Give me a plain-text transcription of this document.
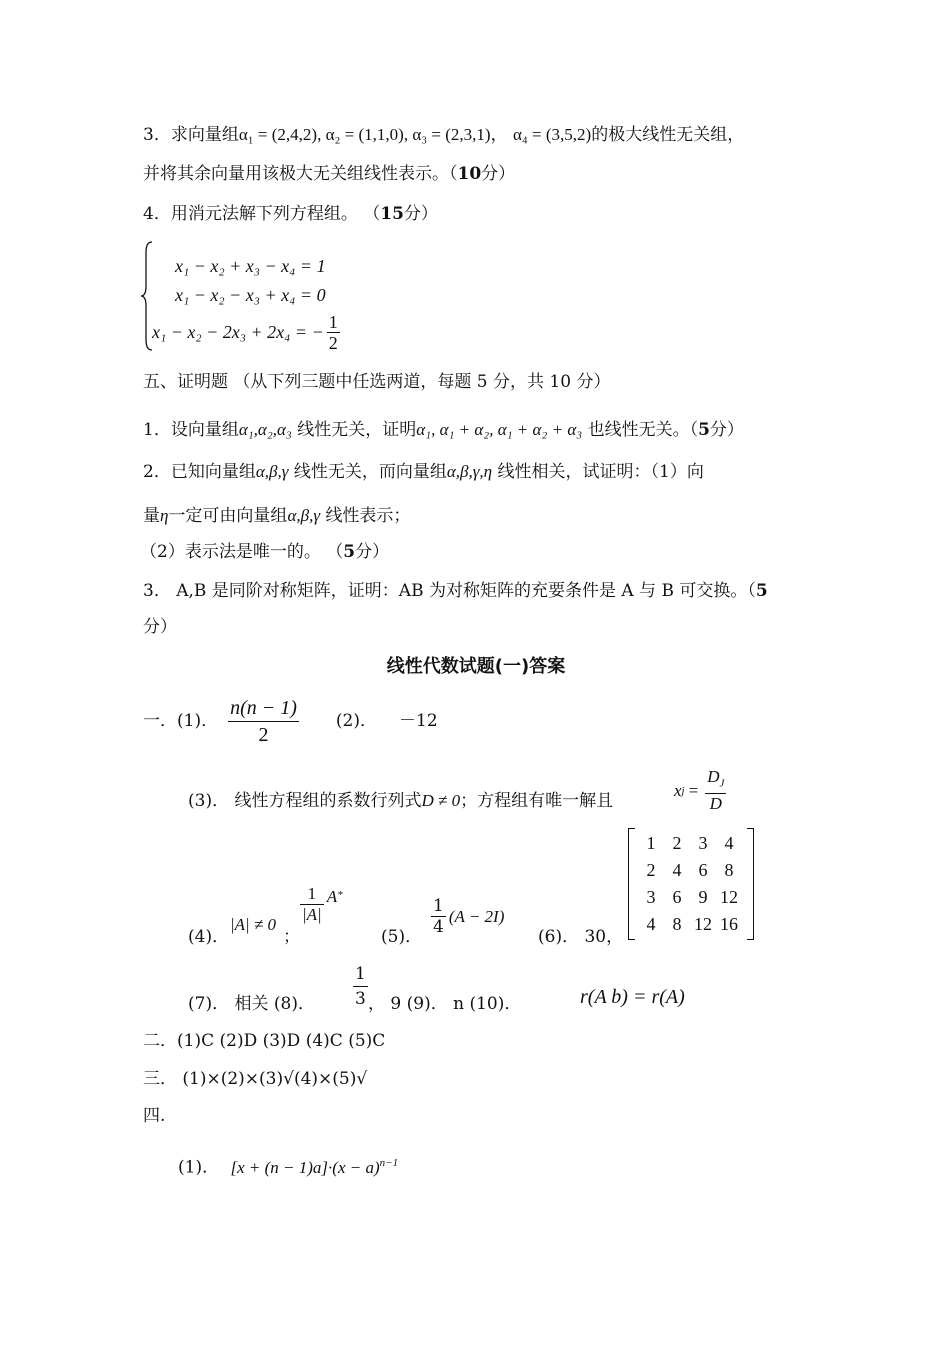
3．求向量组α₁ = (2,4,2), α₂ = (1,1,0), α₃ = (2,3,1)， α₄ = (3,5,2)的极大线性无关组，
并将其余向量用该极大无关组线性表示。（10分）
4．用消元法解下列方程组。 （15分）
x₁ − x₂ + x₃ − x₄ = 1
x₁ − x₂ − x₃ + x₄ = 0
x₁ − x₂ − 2x₃ + 2x₄ = − $\frac{1}{2}$
五、证明题 （从下列三题中任选两道，每题 5 分，共 10 分）
1．设向量组α₁,α₂,α₃ 线性无关，证明α₁, α₁ + α₂, α₁ + α₂ + α₃ 也线性无关。（5分）
2．已知向量组α,β,γ 线性无关，而向量组α,β,γ,η 线性相关，试证明：（1）向
量η一定可由向量组α,β,γ 线性表示；
（2）表示法是唯一的。 （5分）
3． A,B 是同阶对称矩阵，证明：AB 为对称矩阵的充要条件是 A 与 B 可交换。（5
分）
线性代数试题(一)答案
一．(1)． $\frac{n(n - 1)}{2} (2)$． －12
(3)． 线性方程组的系数行列式D ≠ 0；方程组有唯一解且
x $j = \frac{D_J}{D}$
(4)．
|A| ≠ 0
；
$\frac{1}{|A|}$ A *
(5)． $\frac{1}{4} (A - 2I)$
(6)． 30，
1	2	3	4
2	4	6	8
3	6	9	12
4	8	12	16
(7)． 相关 (8)． $\frac{1}{3}$ ， 9 (9)． n (10)．	r(A b) = r(A)
二．(1)C (2)D (3)D (4)C (5)C
三． (1)×(2)×(3)√(4)×(5)√
四.
(1)． $[x + (n - 1)a]\cdot(x - a)^{n-1}$
